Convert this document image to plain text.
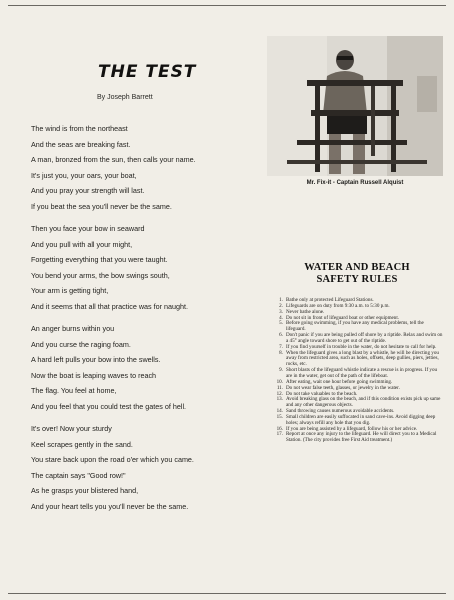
THE TEST
By Joseph Barrett
The wind is from the northeast
And the seas are breaking fast.
A man, bronzed from the sun, then calls your name.
It's just you, your oars, your boat,
And you pray your strength will last.
If you beat the sea you'll never be the same.
Then you face your bow in seaward
And you pull with all your might,
Forgetting everything that you were taught.
You bend your arms, the bow swings south,
Your arm is getting tight,
And it seems that all that practice was for naught.
An anger burns within you
And you curse the raging foam.
A hard left pulls your bow into the swells.
Now the boat is leaping waves to reach
The flag. You feel at home,
And you feel that you could test the gates of hell.
It's over! Now your sturdy
Keel scrapes gently in the sand.
You stare back upon the road o'er which you came.
The captain says "Good row!"
As he grasps your blistered hand,
And your heart tells you you'll never be the same.
Mr. Fix-it - Captain Russell Alquist
WATER AND BEACH
SAFETY RULES
1. Bathe only at protected Lifeguard Stations.
2. Lifeguards are on duty from 9:30 a.m. to 5:30 p.m.
3. Never bathe alone.
4. Do not sit in front of lifeguard boat or other equipment.
5. Before going swimming, if you have any medical problems, tell the lifeguard.
6. Don't panic if you are being pulled off shore by a riptide. Relax and swim on a 45° angle toward shore to get out of the riptide.
7. If you find yourself in trouble in the water, do not hesitate to call for help.
8. When the lifeguard gives a long blast by a whistle, he will be directing you away from restricted area, such as holes, offsets, deep gullies, piers, jetties, rocks, etc.
9. Short blasts of the lifeguard whistle indicate a rescue is in progress. If you are in the water, get out of the path of the lifeboat.
10. After eating, wait one hour before going swimming.
11. Do not wear false teeth, glasses, or jewelry in the water.
12. Do not take valuables to the beach.
13. Avoid breaking glass on the beach, and if this condition exists pick up same and any other dangerous objects.
14. Sand throwing causes numerous avoidable accidents.
15. Small children are easily suffocated in sand cave-ins. Avoid digging deep holes; always refill any hole that you dig.
16. If you are being assisted by a lifeguard, follow his or her advice.
17. Report at once any injury to the lifeguard. He will direct you to a Medical Station. (The city provides free First Aid treatment.)
